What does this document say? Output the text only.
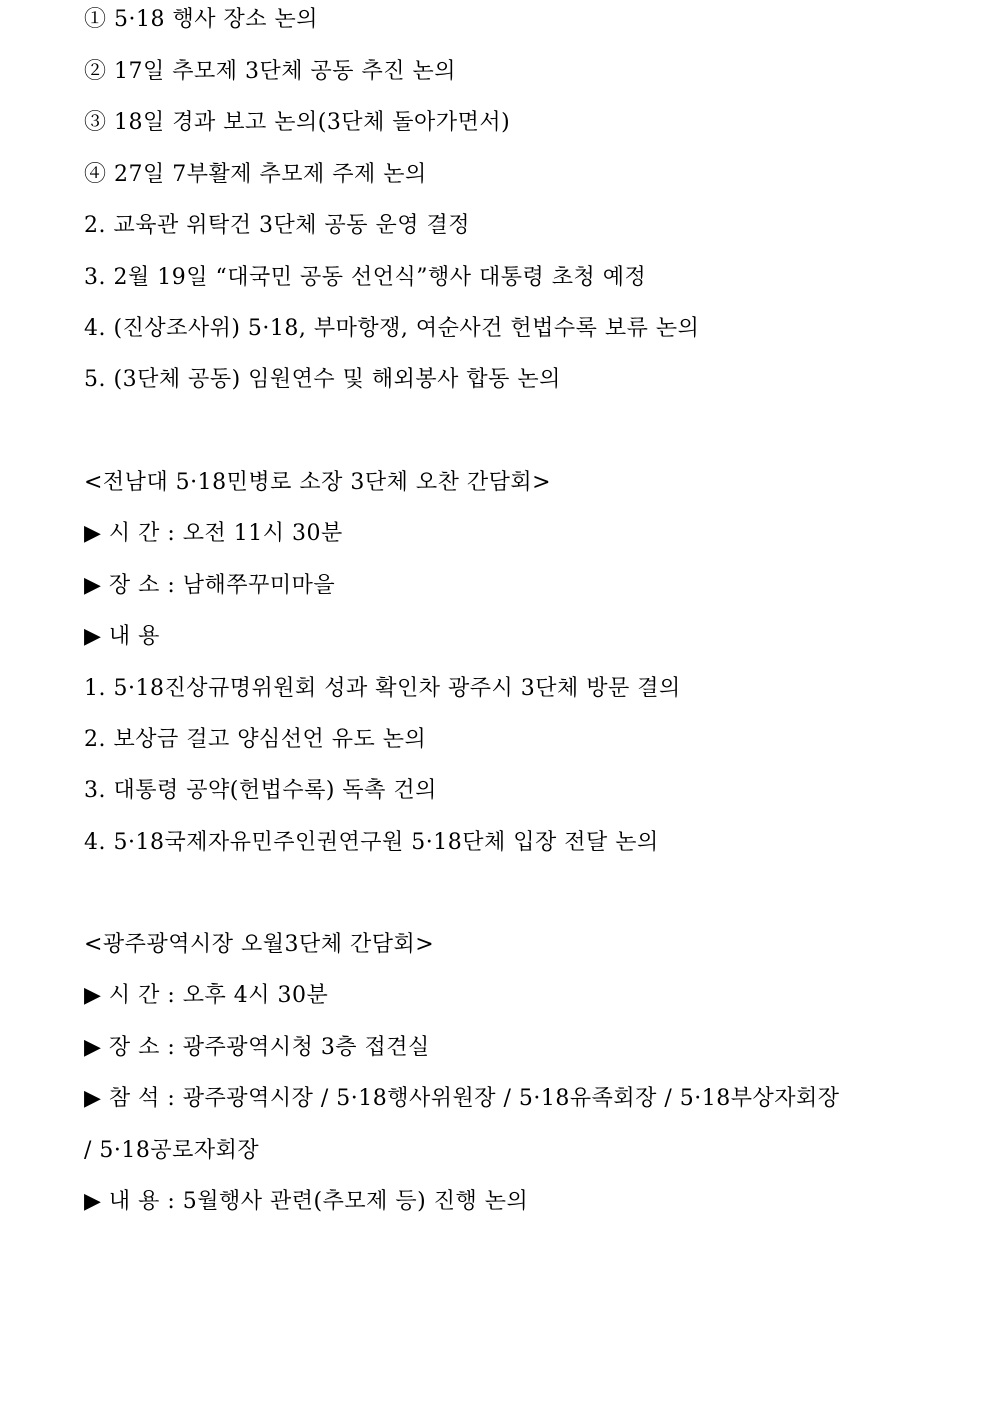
① 5·18 행사 장소 논의
② 17일 추모제 3단체 공동 추진 논의
③ 18일 경과 보고 논의(3단체 돌아가면서)
④ 27일 7부활제 추모제 주제 논의
2. 교육관 위탁건 3단체 공동 운영 결정
3. 2월 19일 “대국민 공동 선언식”행사 대통령 초청 예정
4. (진상조사위) 5·18, 부마항쟁, 여순사건 헌법수록 보류 논의
5. (3단체 공동) 임원연수 및 해외봉사 합동 논의
<전남대 5·18민병로 소장 3단체 오찬 간담회>
▶ 시 간 : 오전 11시 30분
▶ 장 소 : 남해쭈꾸미마을
▶ 내 용
1. 5·18진상규명위원회 성과 확인차 광주시 3단체 방문 결의
2. 보상금 걸고 양심선언 유도 논의
3. 대통령 공약(헌법수록) 독촉 건의
4. 5·18국제자유민주인권연구원 5·18단체 입장 전달 논의
<광주광역시장 오월3단체 간담회>
▶ 시 간 : 오후 4시 30분
▶ 장 소 : 광주광역시청 3층 접견실
▶ 참 석 : 광주광역시장 / 5·18행사위원장 / 5·18유족회장 / 5·18부상자회장
/ 5·18공로자회장
▶ 내 용 : 5월행사 관련(추모제 등) 진행 논의
